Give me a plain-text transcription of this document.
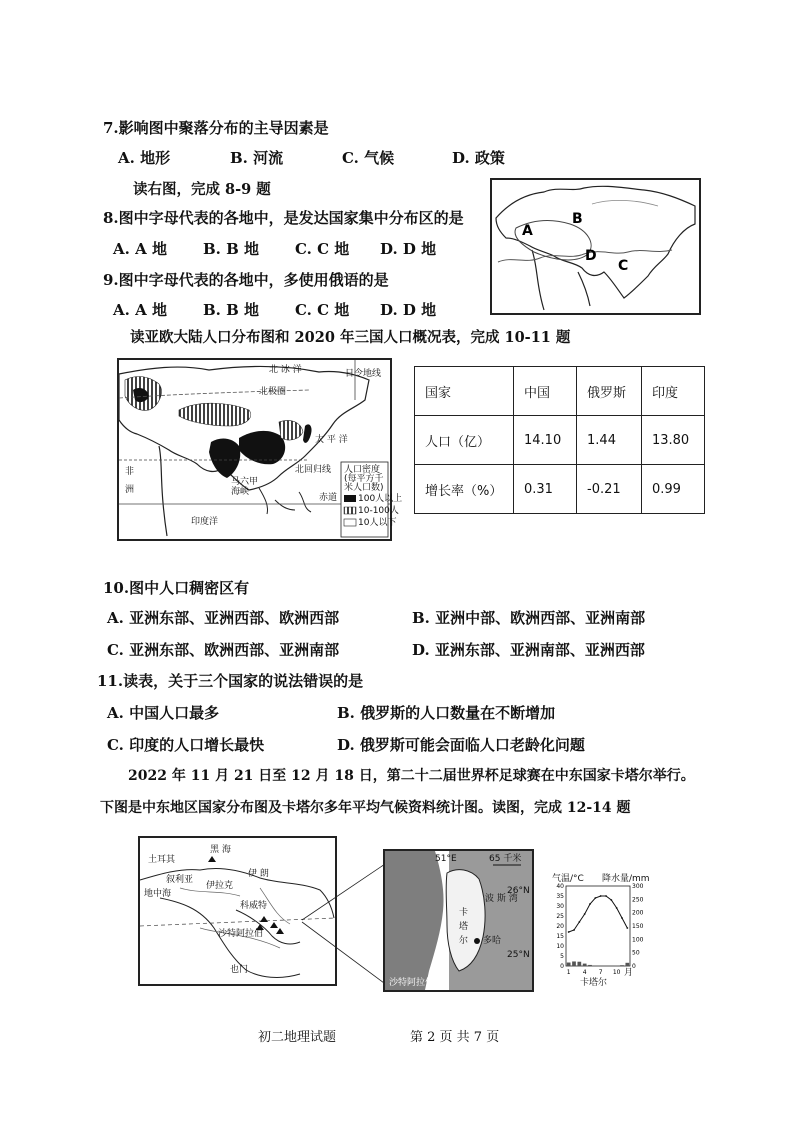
7.影响图中聚落分布的主导因素是
A. 地形	B. 河流	C. 气候	D. 政策
读右图，完成 8-9 题
8.图中字母代表的各地中，是发达国家集中分布区的是
A. A 地 B. B 地 C. C 地 D. D 地
9.图中字母代表的各地中，多使用俄语的是
A. A 地 B. B 地 C. C 地 D. D 地
A
B
C
D
读亚欧大陆人口分布图和 2020 年三国人口概况表，完成 10-11 题
北 冰 洋
北极圈
日令地线
太 平 洋
北回归线
非
洲
马六甲
海峡
赤道
印度洋
人口密度
(每平方千
米人口数)
100人以上
10-100人
10人以下
国家	中国	俄罗斯	印度
人口（亿）	14.10	1.44	13.80
增长率（%）	0.31	-0.21	0.99
10.图中人口稠密区有
A. 亚洲东部、亚洲西部、欧洲西部	B. 亚洲中部、欧洲西部、亚洲南部
C. 亚洲东部、欧洲西部、亚洲南部	D. 亚洲东部、亚洲南部、亚洲西部
11.读表，关于三个国家的说法错误的是
A. 中国人口最多	B. 俄罗斯的人口数量在不断增加
C. 印度的人口增长最快	D. 俄罗斯可能会面临人口老龄化问题
2022 年 11 月 21 日至 12 月 18 日，第二十二届世界杯足球赛在中东国家卡塔尔举行。
下图是中东地区国家分布图及卡塔尔多年平均气候资料统计图。读图，完成 12-14 题
黑 海
土耳其
叙利亚
伊拉克
伊 朗
地中海
科威特
沙特阿拉伯
也门
51°E	65 千米
26°N
25°N
波 斯 湾
卡
塔
尔 多哈
沙特阿拉伯
气温/°C 降水量/mm
40
35
30
25
20
15
10
5
0
300
250
200
150
100
50
0
1 4 7 10 月
卡塔尔
初二地理试题	第 2 页 共 7 页
